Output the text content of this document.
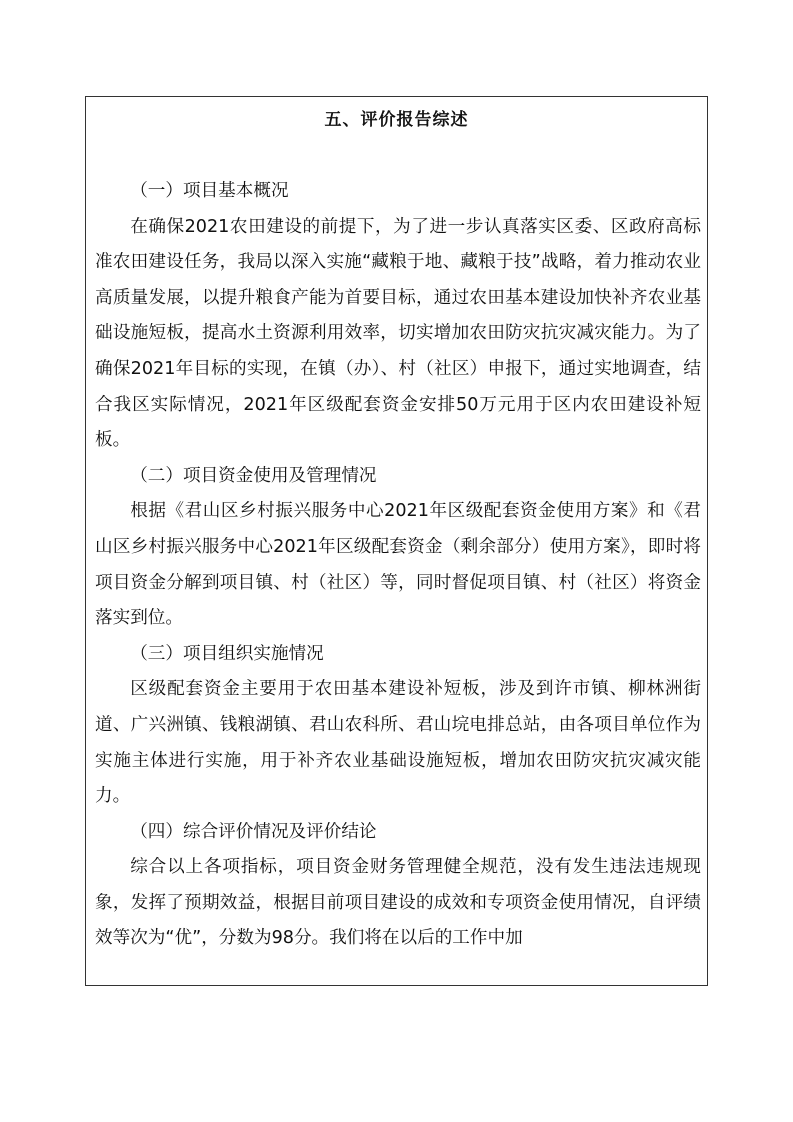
五、评价报告综述

（一）项目基本概况

在确保2021农田建设的前提下，为了进一步认真落实区委、区政府高标准农田建设任务，我局以深入实施“藏粮于地、藏粮于技”战略，着力推动农业高质量发展，以提升粮食产能为首要目标，通过农田基本建设加快补齐农业基础设施短板，提高水土资源利用效率，切实增加农田防灾抗灾减灾能力。为了确保2021年目标的实现，在镇（办）、村（社区）申报下，通过实地调查，结合我区实际情况，2021年区级配套资金安排50万元用于区内农田建设补短板。

（二）项目资金使用及管理情况

根据《君山区乡村振兴服务中心2021年区级配套资金使用方案》和《君山区乡村振兴服务中心2021年区级配套资金（剩余部分）使用方案》，即时将项目资金分解到项目镇、村（社区）等，同时督促项目镇、村（社区）将资金落实到位。

（三）项目组织实施情况

区级配套资金主要用于农田基本建设补短板，涉及到许市镇、柳林洲街道、广兴洲镇、钱粮湖镇、君山农科所、君山垸电排总站，由各项目单位作为实施主体进行实施，用于补齐农业基础设施短板，增加农田防灾抗灾减灾能力。

（四）综合评价情况及评价结论

综合以上各项指标，项目资金财务管理健全规范，没有发生违法违规现象，发挥了预期效益，根据目前项目建设的成效和专项资金使用情况，自评绩效等次为“优”，分数为98分。我们将在以后的工作中加
